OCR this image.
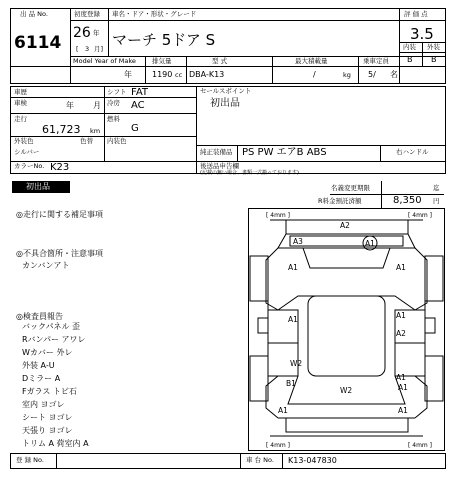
出 品 No.
6114
初度登録
26 年
[ 3 月]
車名・ドア・形状・グレード
マーチ 5ドア S
評 価 点
3.5
内装 外装
B B
Model Year of Make 排気量	型 式	最大積載量	乗車定員
年	1190 cc DBA-K13	/	kg 5/ 名
車歴
車検	年 月
走行
61,723 km
外装色	色替 内装色
シルバー
カラーNo. K23
シフト FAT
冷房 AC
燃料
G
セールスポイント
初出品
純正装備品 PS PW エアB ABS	右ハンドル
後送品申告欄
(記載の無い場合、書類一式揃っております)
初出品	名義変更期限	迄
R料金預託済額	8,350 円
◎走行に関する補足事項
◎不具合箇所・注意事項
カンバンアト
◎検査員報告
バックパネル 歪
Rバンパー アワレ
Wカバー 外レ
外装 A-U
Dミラー A
Fガラス トビ石
室内 ヨゴレ
シート ヨゴレ
天張り ヨゴレ
トリム A 荷室内 A
[ 4mm ]	[ 4mm ]
[ 4mm ]	[ 4mm ]
A2
A3	A1
A1	A1
A1	A1
A2
W2
B1
W2
A1
A1
A1	A1
登 録 No.	車 台 No. K13-047830
